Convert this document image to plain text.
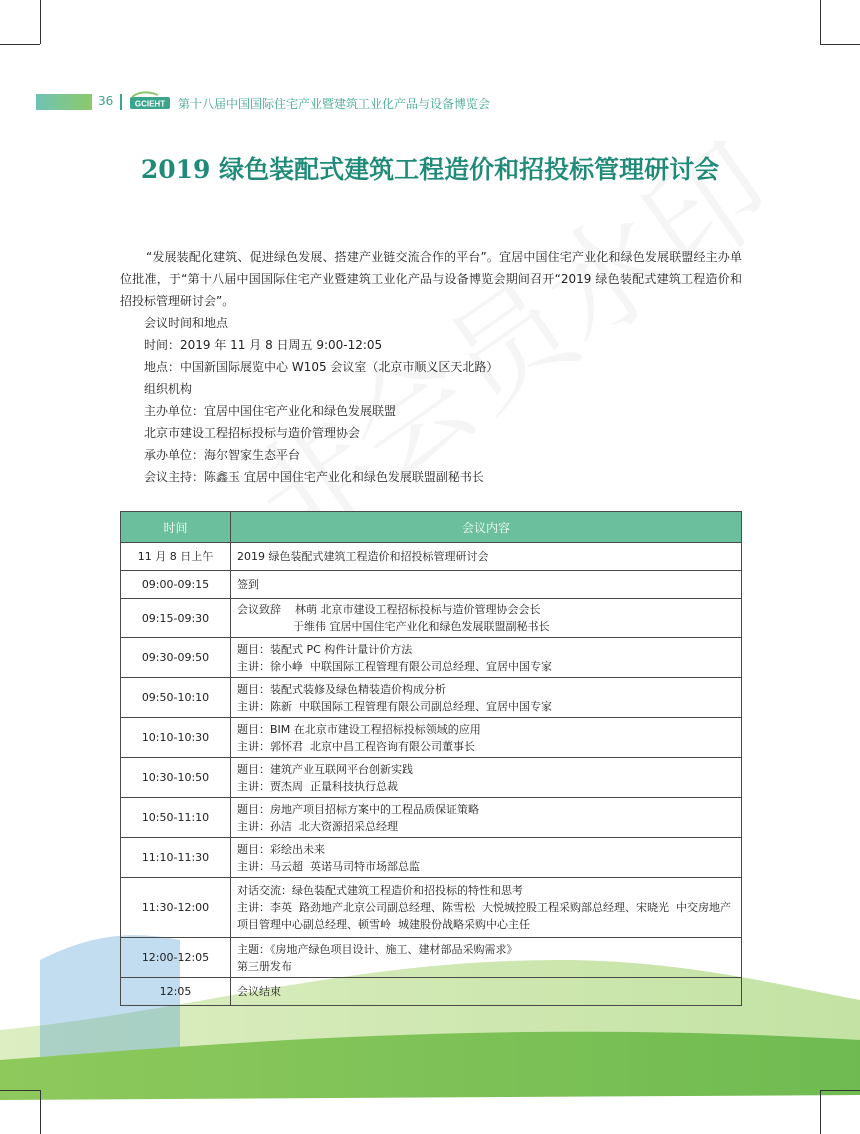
36	GCIEHT 第十八届中国国际住宅产业暨建筑工业化产品与设备博览会
2019 绿色装配式建筑工程造价和招投标管理研讨会
“发展装配化建筑、促进绿色发展、搭建产业链交流合作的平台”。宜居中国住宅产业化和绿色发展联盟经主办单位批准，于“第十八届中国国际住宅产业暨建筑工业化产品与设备博览会期间召开“2019 绿色装配式建筑工程造价和招投标管理研讨会”。
会议时间和地点
时间：2019 年 11 月 8 日周五 9:00-12:05
地点：中国新国际展览中心 W105 会议室（北京市顺义区天北路）
组织机构
主办单位：宜居中国住宅产业化和绿色发展联盟
北京市建设工程招标投标与造价管理协会
承办单位：海尔智家生态平台
会议主持：陈鑫玉 宜居中国住宅产业化和绿色发展联盟副秘书长
时间	会议内容
11 月 8 日上午	2019 绿色装配式建筑工程造价和招投标管理研讨会

09:00-09:15	签到

09:15-09:30	会议致辞    林萌 北京市建设工程招标投标与造价管理协会会长
于维伟 宜居中国住宅产业化和绿色发展联盟副秘书长

09:30-09:50	题目：装配式 PC 构件计量计价方法
主讲：徐小峥  中联国际工程管理有限公司总经理、宜居中国专家

09:50-10:10	题目：装配式装修及绿色精装造价构成分析
主讲：陈新  中联国际工程管理有限公司副总经理、宜居中国专家

10:10-10:30	题目：BIM 在北京市建设工程招标投标领域的应用
主讲：郭怀君  北京中昌工程咨询有限公司董事长

10:30-10:50	题目：建筑产业互联网平台创新实践
主讲：贾杰周  正量科技执行总裁

10:50-11:10	题目：房地产项目招标方案中的工程品质保证策略
主讲：孙洁  北大资源招采总经理

11:10-11:30	题目：彩绘出未来
主讲：马云超  英诺马司特市场部总监

11:30-12:00	对话交流：绿色装配式建筑工程造价和招投标的特性和思考
主讲：李英  路劲地产北京公司副总经理、陈雪松  大悦城控股工程采购部总经理、宋晓光  中交房地产项目管理中心副总经理、顿雪岭  城建股份战略采购中心主任

12:00-12:05	主题：《房地产绿色项目设计、施工、建材部品采购需求》
第三册发布

12:05	会议结束
